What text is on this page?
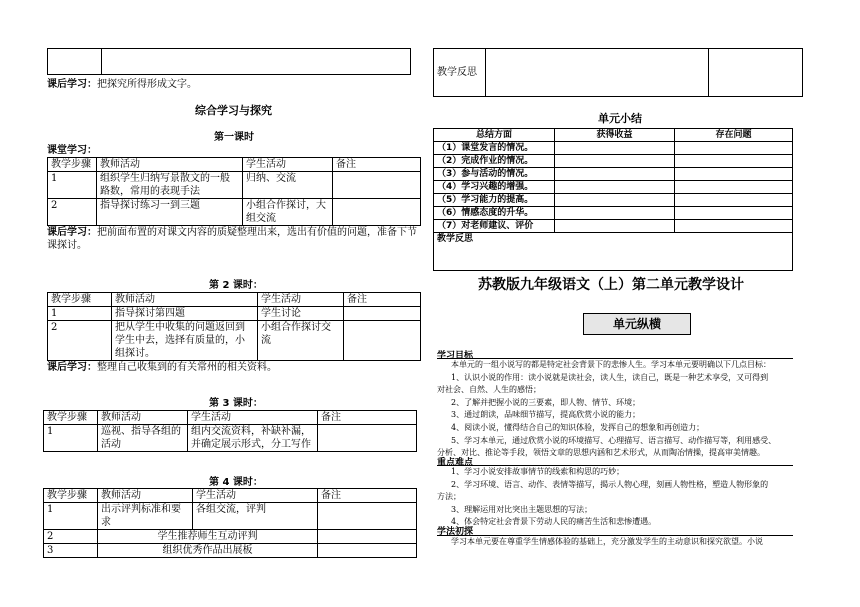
课后学习：把探究所得形成文字。
综合学习与探究
第一课时
课堂学习：
教学步骤	教师活动	学生活动	备注
1	组织学生归纳写景散文的一般路数，常用的表现手法	归纳、交流	
2	指导探讨练习一到三题	小组合作探讨，大组交流	
课后学习：把前面布置的对课文内容的质疑整理出来，选出有价值的问题，准备下节课探讨。
第 2 课时：
教学步骤	教师活动	学生活动	备注
1	指导探讨第四题	学生讨论	
2	把从学生中收集的问题返回到学生中去，选择有质量的，小组探讨。	小组合作探讨交流	
课后学习：整理自己收集到的有关常州的相关资料。
第 3 课时：
教学步骤	教师活动	学生活动	备注
1	巡视、指导各组的活动	组内交流资料，补缺补漏，并确定展示形式，分工写作	
第 4 课时：
教学步骤	教师活动	学生活动	备注
1	出示评判标准和要求	各组交流，评判	
2	学生推荐师生互动评判		
3	组织优秀作品出展板		
教学反思		
单元小结
总结方面	获得收益	存在问题
（1）课堂发言的情况。		
（2）完成作业的情况。		
（3）参与活动的情况。		
（4）学习兴趣的增强。		
（5）学习能力的提高。		
（6）情感态度的升华。		
（7）对老师建议、评价		
教学反思		
苏教版九年级语文（上）第二单元教学设计
单元纵横
学习目标

本单元的一组小说写的都是特定社会背景下的悲惨人生。学习本单元要明确以下几点目标：

1、认识小说的作用：读小说就是读社会，读人生，读自己，既是一种艺术享受，又可得到

对社会、自然、人生的感悟；

2、了解并把握小说的三要素，即人物、情节、环境；

3、通过朗读，品味细节描写，提高欣赏小说的能力；

4、阅读小说，懂得结合自己的知识体验，发挥自己的想象和再创造力；

5、学习本单元，通过欣赏小说的环境描写、心理描写、语言描写、动作描写等，利用感受、

分析、对比、推论等手段，领悟文章的思想内涵和艺术形式，从而陶冶情操，提高审美情趣。

重点难点

1、学习小说安排故事情节的线索和构思的巧妙；

2、学习环境、语言、动作、表情等描写，揭示人物心理，刻画人物性格，塑造人物形象的

方法；

3、理解运用对比突出主题思想的写法；

4、体会特定社会背景下劳动人民的痛苦生活和悲惨遭遇。

学法初探

学习本单元要在尊重学生情感体验的基础上，充分激发学生的主动意识和探究欲望。小说
